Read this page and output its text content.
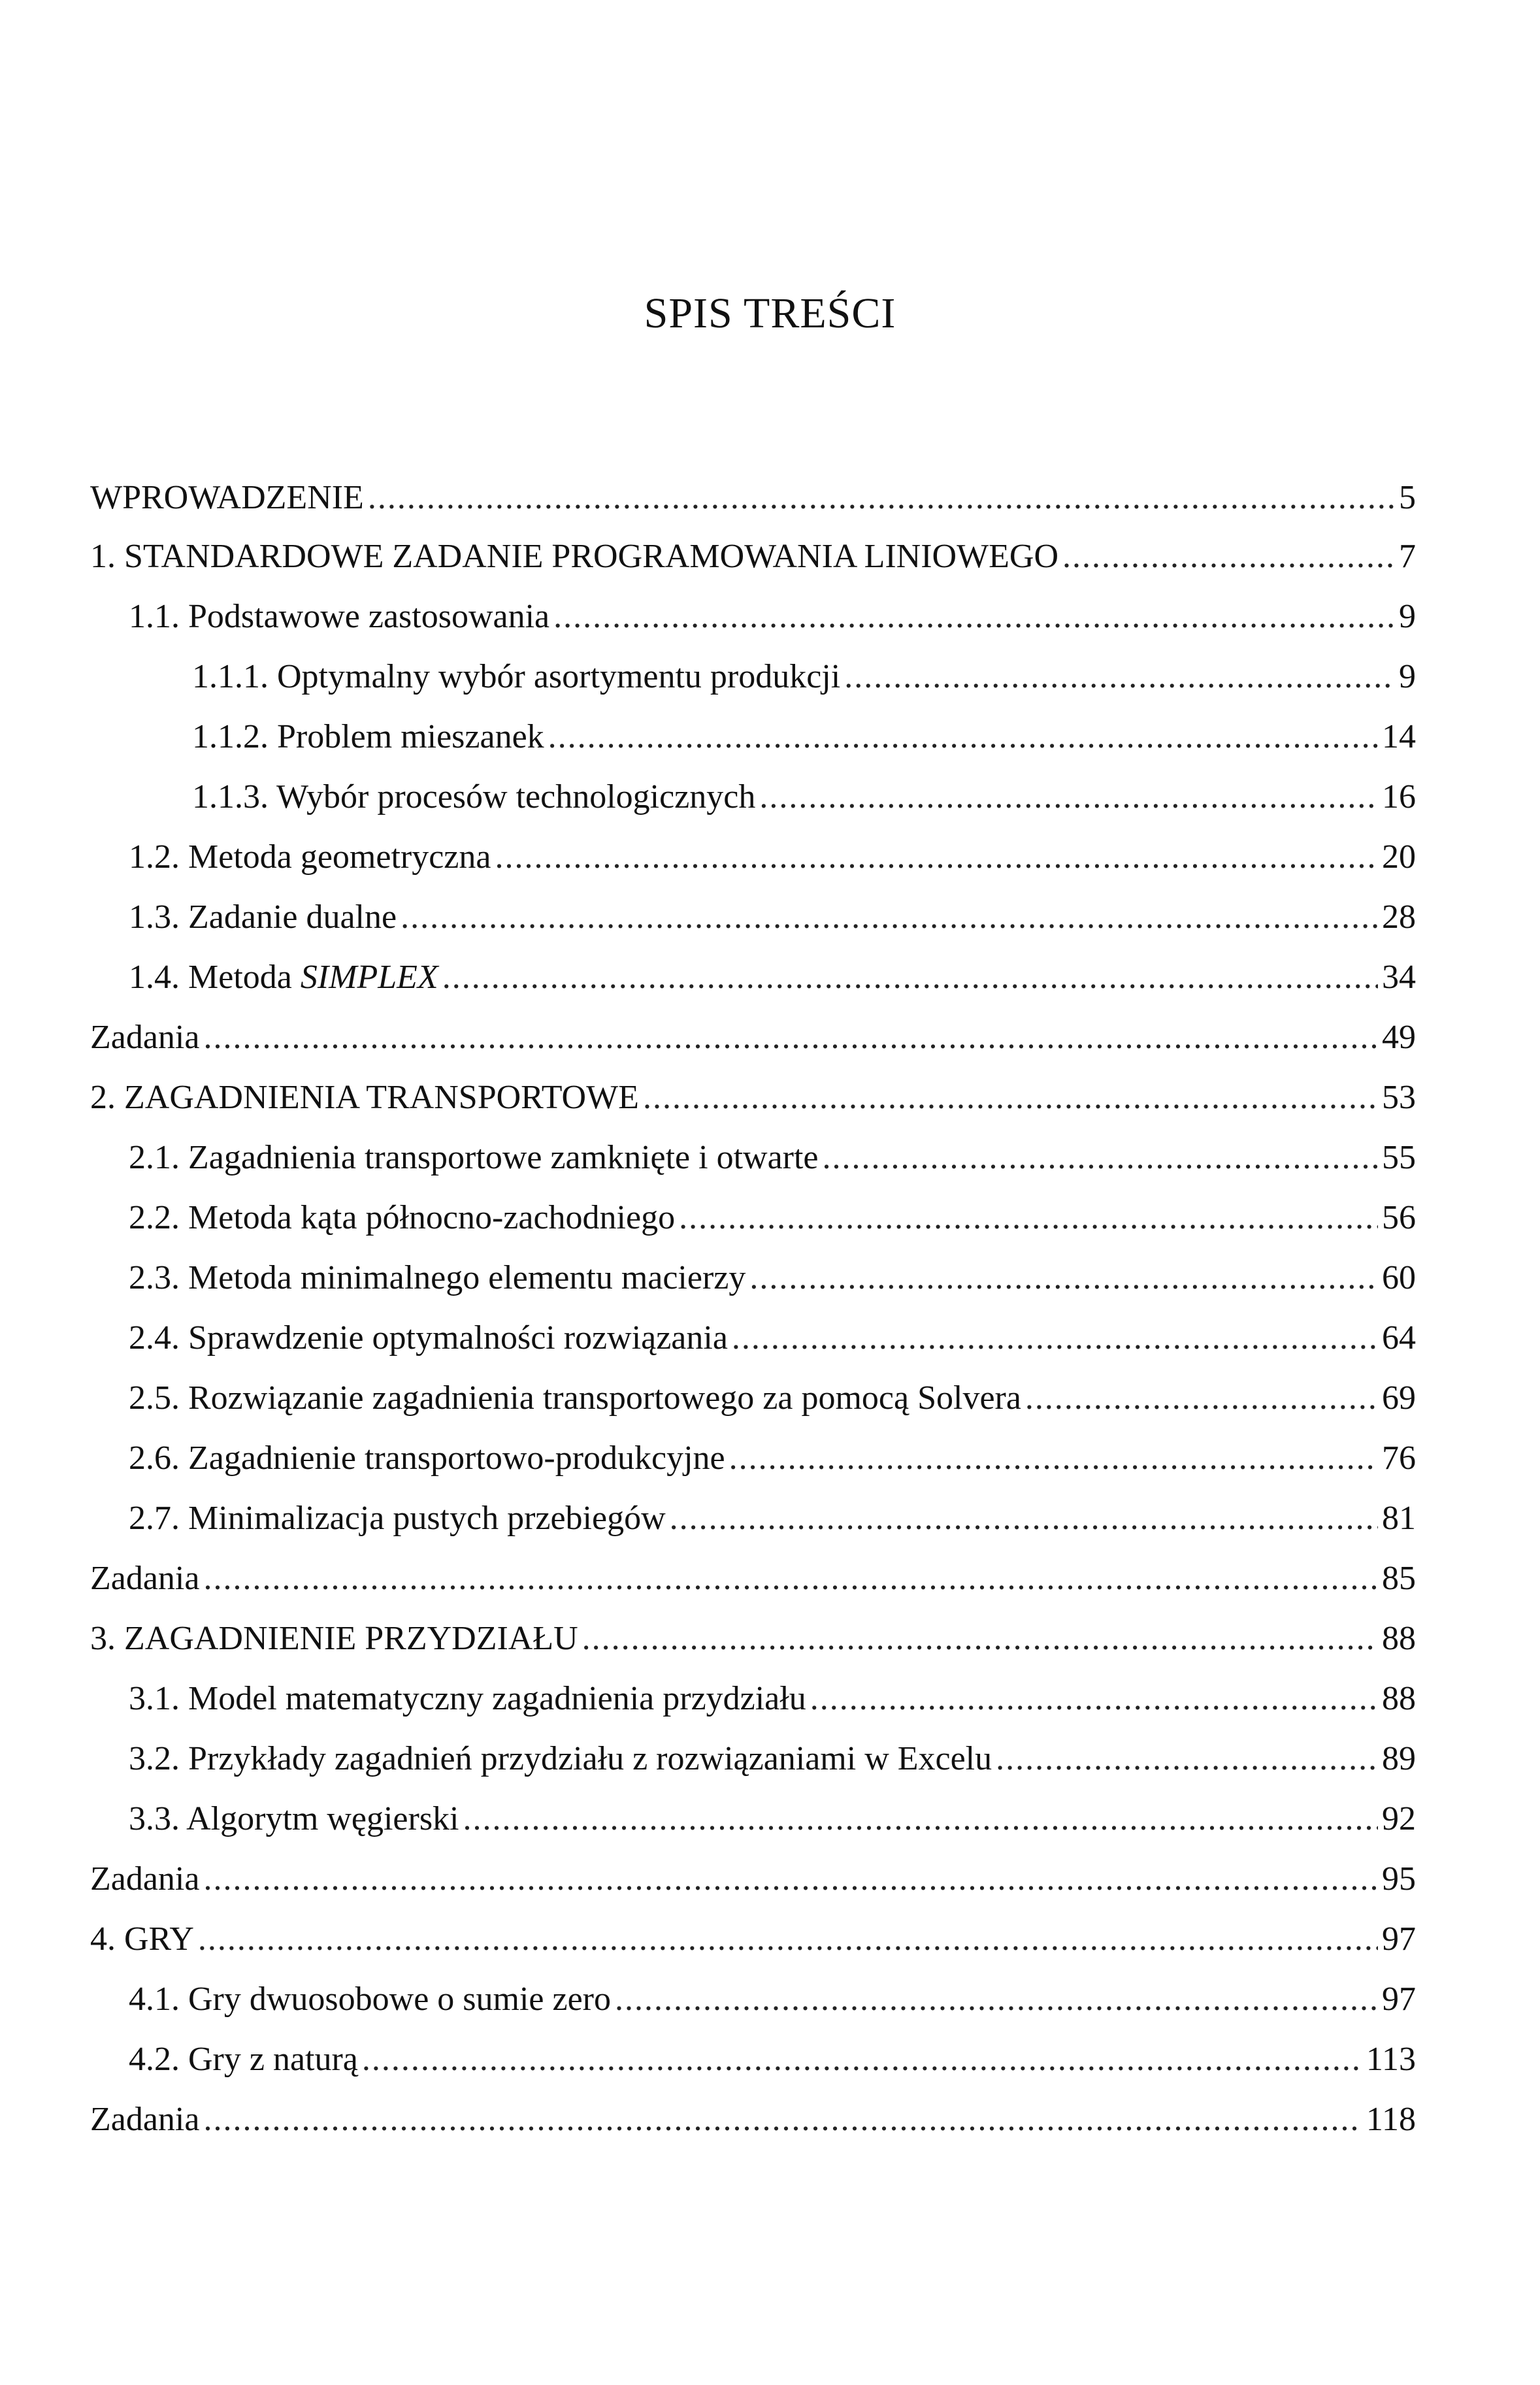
SPIS TREŚCI
WPROWADZENIE .....	5
1. STANDARDOWE ZADANIE PROGRAMOWANIA LINIOWEGO .....	7
1.1. Podstawowe zastosowania .....	9
1.1.1. Optymalny wybór asortymentu produkcji .....	9
1.1.2. Problem mieszanek .....	14
1.1.3. Wybór procesów technologicznych .....	16
1.2. Metoda geometryczna .....	20
1.3. Zadanie dualne .....	28
1.4. Metoda SIMPLEX .....	34
Zadania .....	49
2. ZAGADNIENIA TRANSPORTOWE .....	53
2.1. Zagadnienia transportowe zamknięte i otwarte .....	55
2.2. Metoda kąta północno-zachodniego .....	56
2.3. Metoda minimalnego elementu macierzy .....	60
2.4. Sprawdzenie optymalności rozwiązania .....	64
2.5. Rozwiązanie zagadnienia transportowego za pomocą Solvera .....	69
2.6. Zagadnienie transportowo-produkcyjne .....	76
2.7. Minimalizacja pustych przebiegów .....	81
Zadania .....	85
3. ZAGADNIENIE PRZYDZIAŁU .....	88
3.1. Model matematyczny zagadnienia przydziału .....	88
3.2. Przykłady zagadnień przydziału z rozwiązaniami w Excelu .....	89
3.3. Algorytm węgierski .....	92
Zadania .....	95
4. GRY .....	97
4.1. Gry dwuosobowe o sumie zero .....	97
4.2. Gry z naturą .....	113
Zadania .....	118
